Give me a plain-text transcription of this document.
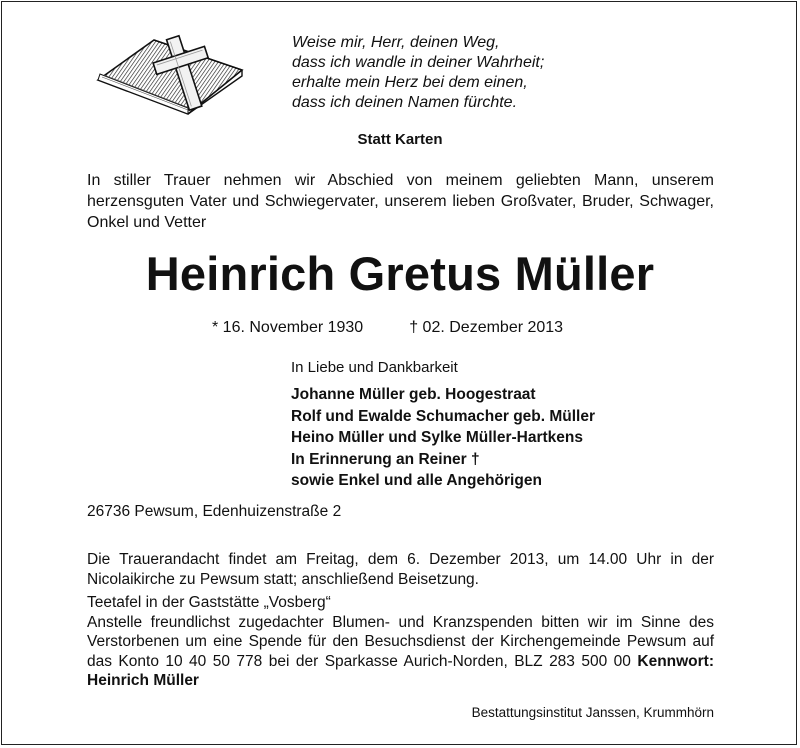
Weise mir, Herr, deinen Weg,
dass ich wandle in deiner Wahrheit;
erhalte mein Herz bei dem einen,
dass ich deinen Namen fürchte.
Statt Karten
In stiller Trauer nehmen wir Abschied von meinem geliebten Mann, unserem herzensguten Vater und Schwiegervater, unserem lieben Großvater, Bruder, Schwager, Onkel und Vetter
Heinrich Gretus Müller
* 16. November 1930	† 02. Dezember 2013
In Liebe und Dankbarkeit
Johanne Müller geb. Hoogestraat
Rolf und Ewalde Schumacher geb. Müller
Heino Müller und Sylke Müller-Hartkens
In Erinnerung an Reiner †
sowie Enkel und alle Angehörigen
26736 Pewsum, Edenhuizenstraße 2
Die Trauerandacht findet am Freitag, dem 6. Dezember 2013, um 14.00 Uhr in der Nicolaikirche zu Pewsum statt; anschließend Beisetzung.
Teetafel in der Gaststätte „Vosberg“
Anstelle freundlichst zugedachter Blumen- und Kranzspenden bitten wir im Sinne des Verstorbenen um eine Spende für den Besuchsdienst der Kirchengemeinde Pewsum auf das Konto 10 40 50 778 bei der Sparkasse Aurich-Norden, BLZ 283 500 00 Kennwort: Heinrich Müller
Bestattungsinstitut Janssen, Krummhörn
